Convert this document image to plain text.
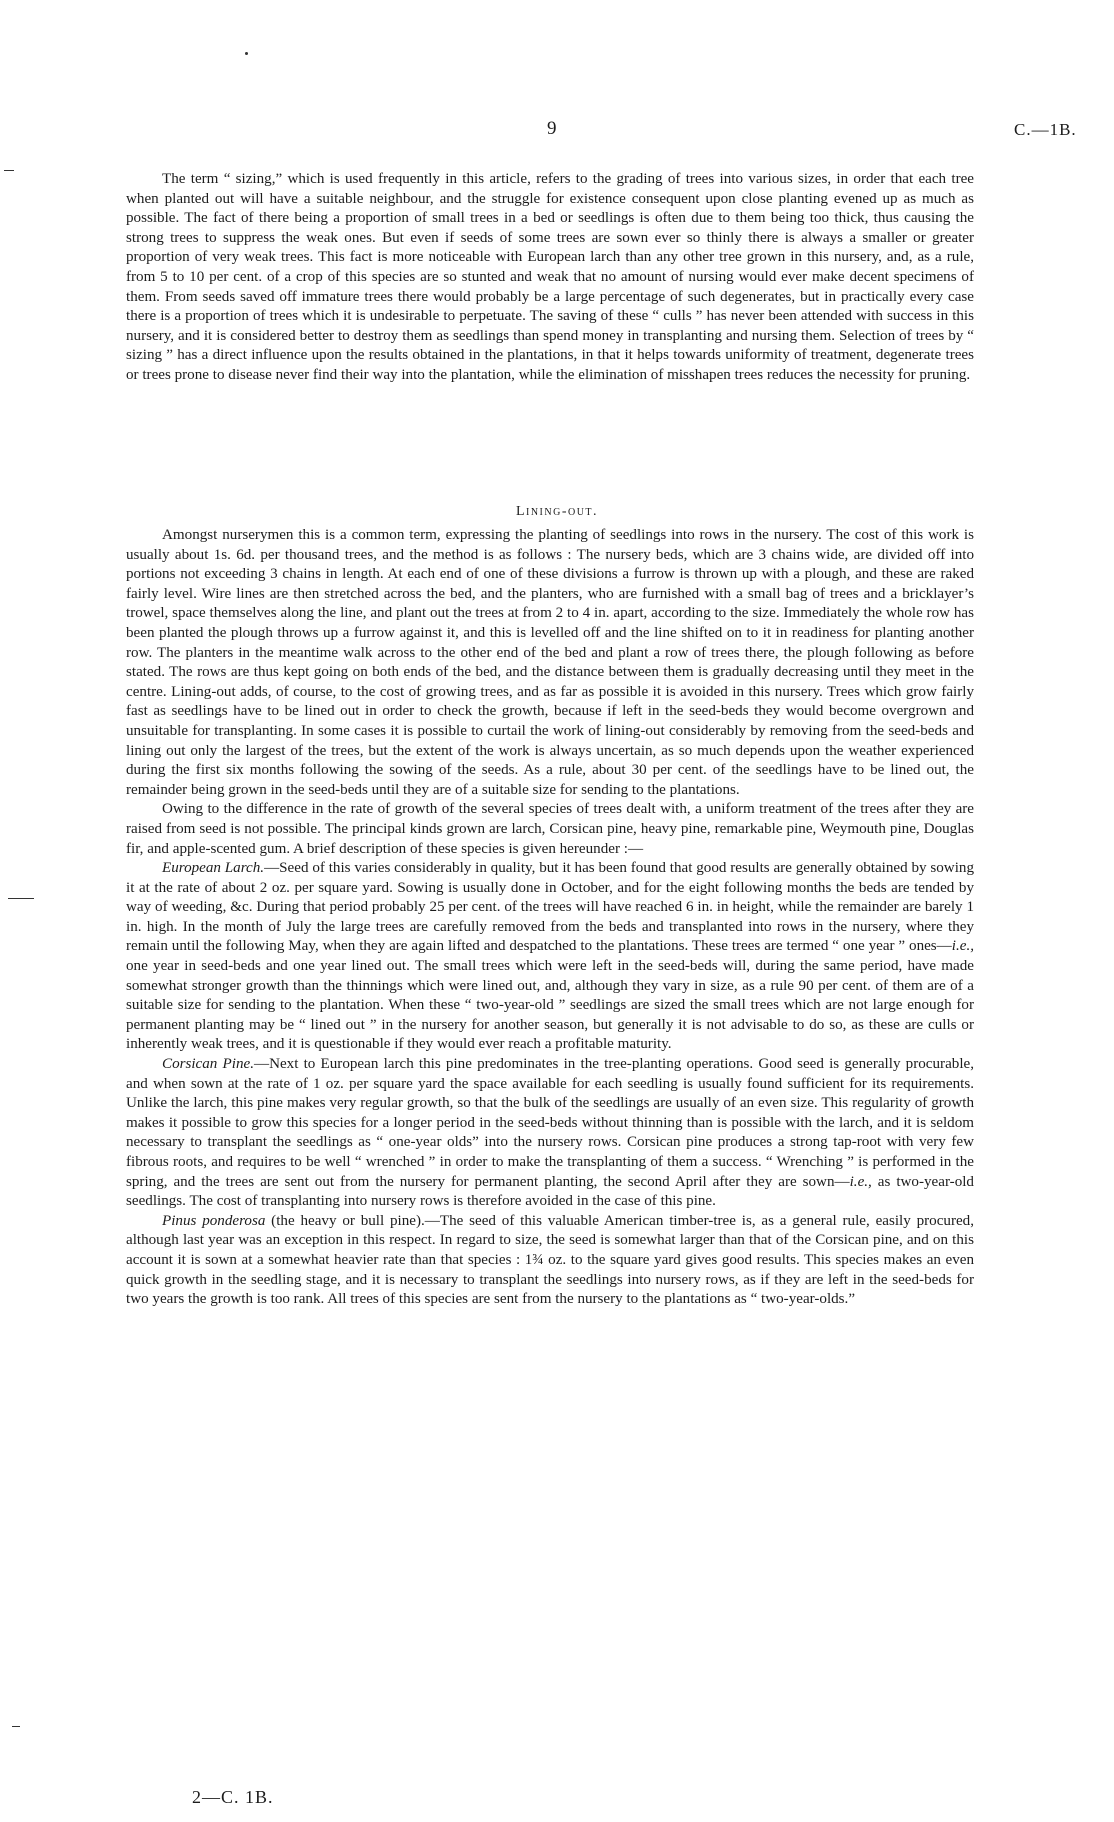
9	C.—1B.

The term “ sizing,” which is used frequently in this article, refers to the grading of trees into various sizes, in order that each tree when planted out will have a suitable neighbour, and the struggle for existence consequent upon close planting evened up as much as possible. The fact of there being a proportion of small trees in a bed or seedlings is often due to them being too thick, thus causing the strong trees to suppress the weak ones. But even if seeds of some trees are sown ever so thinly there is always a smaller or greater proportion of very weak trees. This fact is more noticeable with European larch than any other tree grown in this nursery, and, as a rule, from 5 to 10 per cent. of a crop of this species are so stunted and weak that no amount of nursing would ever make decent specimens of them. From seeds saved off immature trees there would probably be a large percentage of such degenerates, but in practically every case there is a proportion of trees which it is undesirable to perpetuate. The saving of these “ culls ” has never been attended with success in this nursery, and it is considered better to destroy them as seedlings than spend money in transplanting and nursing them. Selection of trees by “ sizing ” has a direct influence upon the results obtained in the plantations, in that it helps towards uniformity of treatment, degenerate trees or trees prone to disease never find their way into the plantation, while the elimination of misshapen trees reduces the necessity for pruning.

Lining-out.

Amongst nurserymen this is a common term, expressing the planting of seedlings into rows in the nursery. The cost of this work is usually about 1s. 6d. per thousand trees, and the method is as follows : The nursery beds, which are 3 chains wide, are divided off into portions not exceeding 3 chains in length. At each end of one of these divisions a furrow is thrown up with a plough, and these are raked fairly level. Wire lines are then stretched across the bed, and the planters, who are furnished with a small bag of trees and a bricklayer’s trowel, space themselves along the line, and plant out the trees at from 2 to 4 in. apart, according to the size. Immediately the whole row has been planted the plough throws up a furrow against it, and this is levelled off and the line shifted on to it in readiness for planting another row. The planters in the meantime walk across to the other end of the bed and plant a row of trees there, the plough following as before stated. The rows are thus kept going on both ends of the bed, and the distance between them is gradually decreasing until they meet in the centre. Lining-out adds, of course, to the cost of growing trees, and as far as possible it is avoided in this nursery. Trees which grow fairly fast as seedlings have to be lined out in order to check the growth, because if left in the seed-beds they would become overgrown and unsuitable for transplanting. In some cases it is possible to curtail the work of lining-out considerably by removing from the seed-beds and lining out only the largest of the trees, but the extent of the work is always uncertain, as so much depends upon the weather experienced during the first six months following the sowing of the seeds. As a rule, about 30 per cent. of the seedlings have to be lined out, the remainder being grown in the seed-beds until they are of a suitable size for sending to the plantations.

Owing to the difference in the rate of growth of the several species of trees dealt with, a uniform treatment of the trees after they are raised from seed is not possible. The principal kinds grown are larch, Corsican pine, heavy pine, remarkable pine, Weymouth pine, Douglas fir, and apple-scented gum. A brief description of these species is given hereunder :—

European Larch.—Seed of this varies considerably in quality, but it has been found that good results are generally obtained by sowing it at the rate of about 2 oz. per square yard. Sowing is usually done in October, and for the eight following months the beds are tended by way of weeding, &c. During that period probably 25 per cent. of the trees will have reached 6 in. in height, while the remainder are barely 1 in. high. In the month of July the large trees are carefully removed from the beds and transplanted into rows in the nursery, where they remain until the following May, when they are again lifted and despatched to the plantations. These trees are termed “ one year ” ones—i.e., one year in seed-beds and one year lined out. The small trees which were left in the seed-beds will, during the same period, have made somewhat stronger growth than the thinnings which were lined out, and, although they vary in size, as a rule 90 per cent. of them are of a suitable size for sending to the plantation. When these “ two-year-old ” seedlings are sized the small trees which are not large enough for permanent planting may be “ lined out ” in the nursery for another season, but generally it is not advisable to do so, as these are culls or inherently weak trees, and it is questionable if they would ever reach a profitable maturity.

Corsican Pine.—Next to European larch this pine predominates in the tree-planting operations. Good seed is generally procurable, and when sown at the rate of 1 oz. per square yard the space available for each seedling is usually found sufficient for its requirements. Unlike the larch, this pine makes very regular growth, so that the bulk of the seedlings are usually of an even size. This regularity of growth makes it possible to grow this species for a longer period in the seed-beds without thinning than is possible with the larch, and it is seldom necessary to transplant the seedlings as “ one-year olds” into the nursery rows. Corsican pine produces a strong tap-root with very few fibrous roots, and requires to be well “ wrenched ” in order to make the transplanting of them a success. “ Wrenching ” is performed in the spring, and the trees are sent out from the nursery for permanent planting, the second April after they are sown—i.e., as two-year-old seedlings. The cost of transplanting into nursery rows is therefore avoided in the case of this pine.

Pinus ponderosa (the heavy or bull pine).—The seed of this valuable American timber-tree is, as a general rule, easily procured, although last year was an exception in this respect. In regard to size, the seed is somewhat larger than that of the Corsican pine, and on this account it is sown at a somewhat heavier rate than that species : 1¾ oz. to the square yard gives good results. This species makes an even quick growth in the seedling stage, and it is necessary to transplant the seedlings into nursery rows, as if they are left in the seed-beds for two years the growth is too rank. All trees of this species are sent from the nursery to the plantations as “ two-year-olds.”

2—C. 1B.
